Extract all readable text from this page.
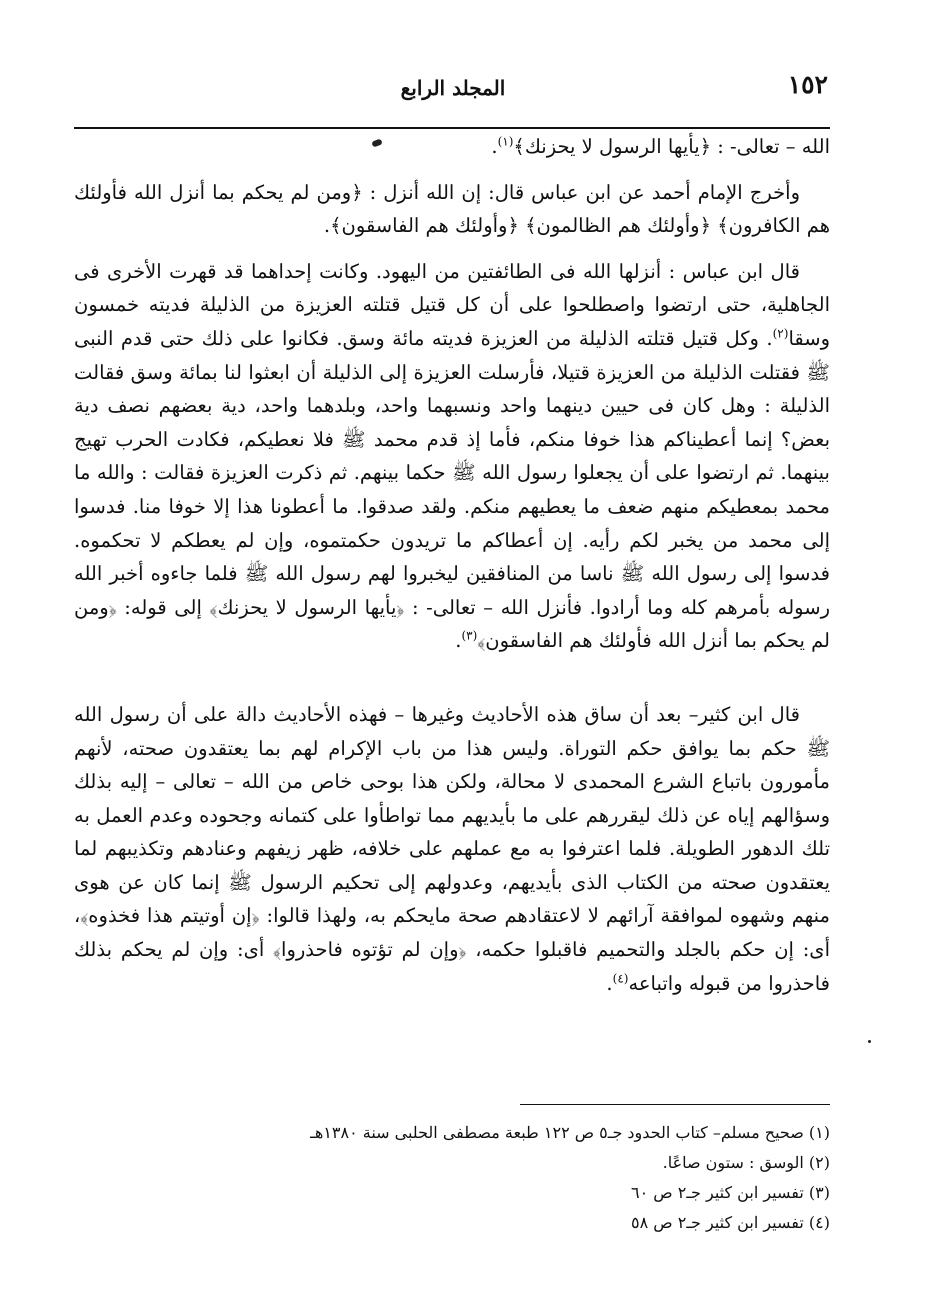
١٥٢
المجلد الرابع

الله – تعالى- : ﴿يأيها الرسول لا يحزنك﴾$^{(١)}$.

وأخرج الإمام أحمد عن ابن عباس قال: إن الله أنزل : ﴿ومن لم يحكم بما أنزل الله فأولئك هم الكافرون﴾ ﴿وأولئك هم الظالمون﴾ ﴿وأولئك هم الفاسقون﴾.

قال ابن عباس : أنزلها الله فى الطائفتين من اليهود. وكانت إحداهما قد قهرت الأخرى فى الجاهلية، حتى ارتضوا واصطلحوا على أن كل قتيل قتلته العزيزة من الذليلة فديته خمسون وسقا$^{(٢)}$. وكل قتيل قتلته الذليلة من العزيزة فديته مائة وسق. فكانوا على ذلك حتى قدم النبى ﷺ فقتلت الذليلة من العزيزة قتيلا، فأرسلت العزيزة إلى الذليلة أن ابعثوا لنا بمائة وسق فقالت الذليلة : وهل كان فى حيين دينهما واحد ونسبهما واحد، وبلدهما واحد، دية بعضهم نصف دية بعض؟ إنما أعطيناكم هذا خوفا منكم، فأما إذ قدم محمد ﷺ فلا نعطيكم، فكادت الحرب تهيج بينهما. ثم ارتضوا على أن يجعلوا رسول الله ﷺ حكما بينهم. ثم ذكرت العزيزة فقالت : والله ما محمد بمعطيكم منهم ضعف ما يعطيهم منكم. ولقد صدقوا. ما أعطونا هذا إلا خوفا منا. فدسوا إلى محمد من يخبر لكم رأيه. إن أعطاكم ما تريدون حكمتموه، وإن لم يعطكم لا تحكموه. فدسوا إلى رسول الله ﷺ ناسا من المنافقين ليخبروا لهم رسول الله ﷺ فلما جاءوه أخبر الله رسوله بأمرهم كله وما أرادوا. فأنزل الله – تعالى- : ﴿يأيها الرسول لا يحزنك﴾ إلى قوله: ﴿ومن لم يحكم بما أنزل الله فأولئك هم الفاسقون﴾$^{(٣)}$.

قال ابن كثير– بعد أن ساق هذه الأحاديث وغيرها – فهذه الأحاديث دالة على أن رسول الله ﷺ حكم بما يوافق حكم التوراة. وليس هذا من باب الإكرام لهم بما يعتقدون صحته، لأنهم مأمورون باتباع الشرع المحمدى لا محالة، ولكن هذا بوحى خاص من الله – تعالى – إليه بذلك وسؤالهم إياه عن ذلك ليقررهم على ما بأيديهم مما تواطأوا على كتمانه وجحوده وعدم العمل به تلك الدهور الطويلة. فلما اعترفوا به مع عملهم على خلافه، ظهر زيفهم وعنادهم وتكذيبهم لما يعتقدون صحته من الكتاب الذى بأيديهم، وعدولهم إلى تحكيم الرسول ﷺ إنما كان عن هوى منهم وشهوه لموافقة آرائهم لا لاعتقادهم صحة مايحكم به، ولهذا قالوا: ﴿إن أوتيتم هذا فخذوه﴾، أى: إن حكم بالجلد والتحميم فاقبلوا حكمه، ﴿وإن لم تؤتوه فاحذروا﴾ أى: وإن لم يحكم بذلك فاحذروا من قبوله واتباعه$^{(٤)}$.

(١) صحيح مسلم– كتاب الحدود جـ٥ ص ١٢٢ طبعة مصطفى الحلبى سنة ١٣٨٠هـ

(٢) الوسق : ستون صاعًا.

(٣) تفسير ابن كثير جـ٢ ص ٦٠

(٤) تفسير ابن كثير جـ٢ ص ٥٨
